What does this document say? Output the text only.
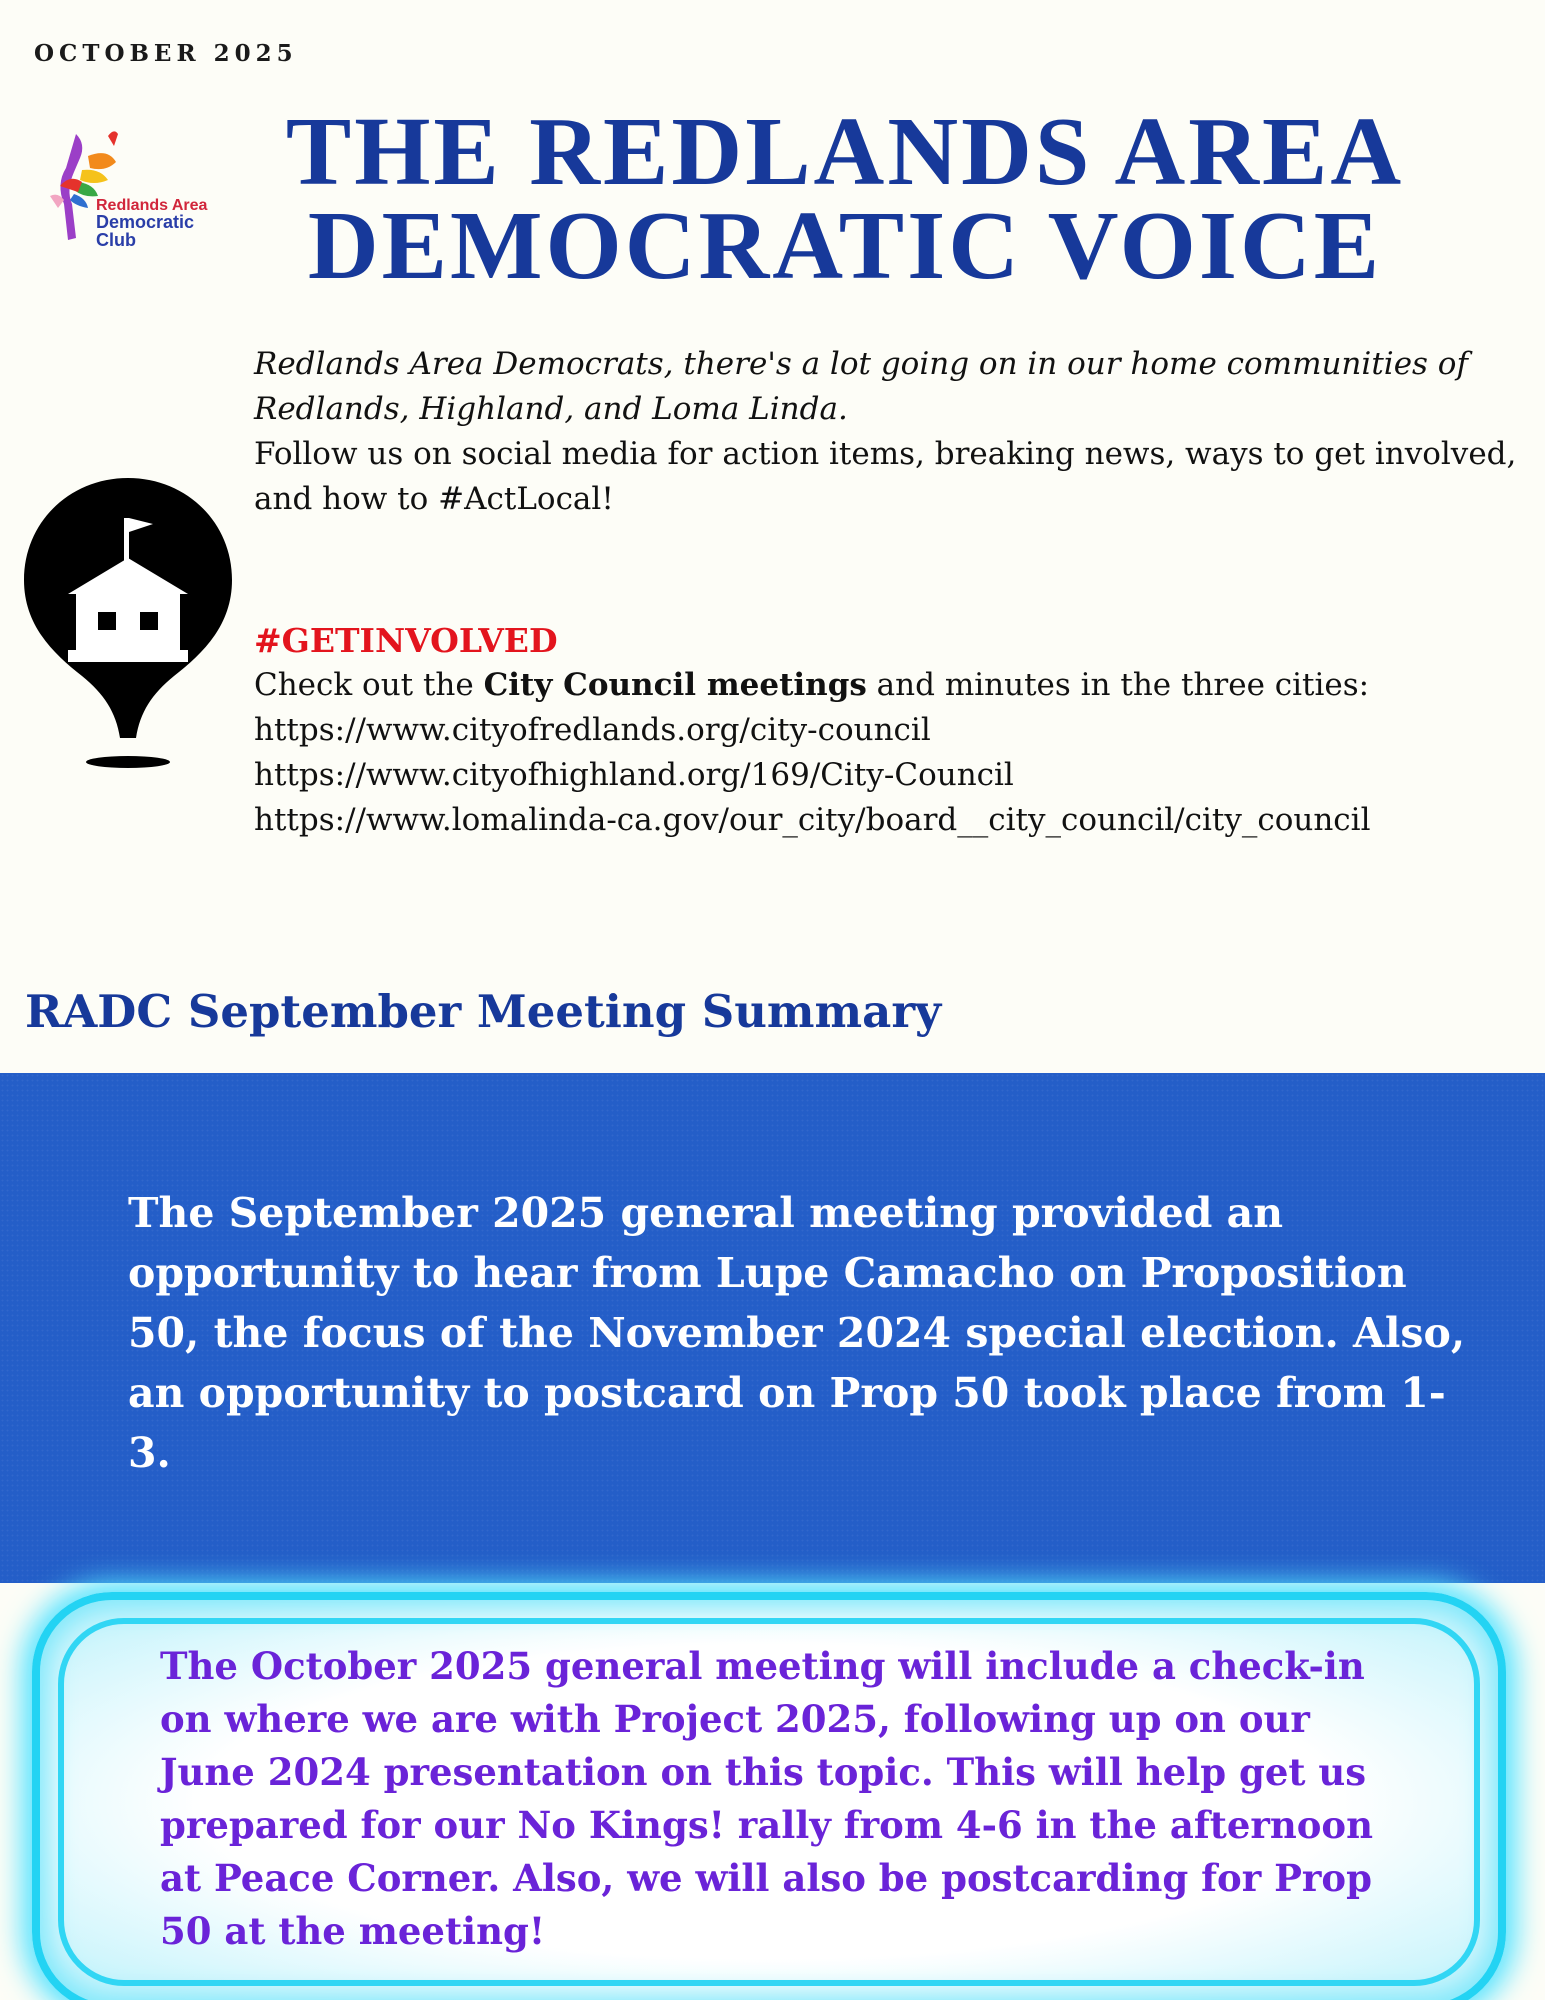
OCTOBER 2025
Redlands Area
Democratic
Club
THE REDLANDS AREA
DEMOCRATIC VOICE
Redlands Area Democrats, there's a lot going on in our home communities of Redlands, Highland, and Loma Linda.
Follow us on social media for action items, breaking news, ways to get involved, and how to #ActLocal!
#GETINVOLVED
Check out the City Council meetings and minutes in the three cities:
https://www.cityofredlands.org/city-council
https://www.cityofhighland.org/169/City-Council
https://www.lomalinda-ca.gov/our_city/board__city_council/city_council
RADC September Meeting Summary
The September 2025 general meeting provided an opportunity to hear from Lupe Camacho on Proposition 50, the focus of the November 2024 special election. Also, an opportunity to postcard on Prop 50 took place from 1-3.
The October 2025 general meeting will include a check-in on where we are with Project 2025, following up on our June 2024 presentation on this topic. This will help get us prepared for our No Kings! rally from 4-6 in the afternoon at Peace Corner. Also, we will also be postcarding for Prop 50 at the meeting!
